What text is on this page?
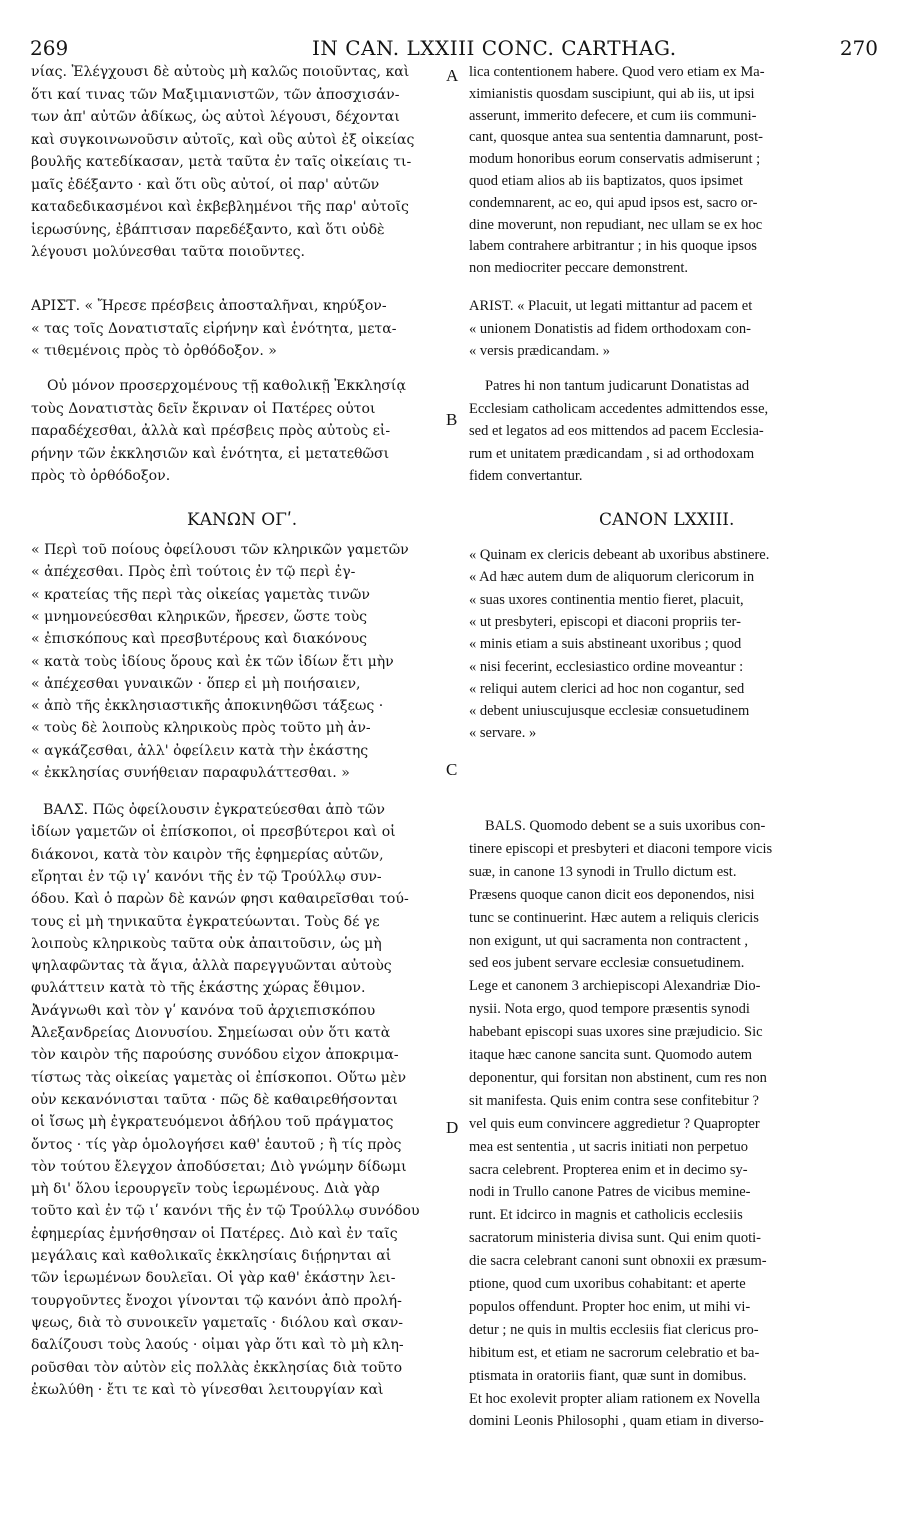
269	IN CAN. LXXIII CONC. CARTHAG.	270
A
B
C
D
νίας. Ἐλέγχουσι δὲ αὐτοὺς μὴ καλῶς ποιοῦντας, καὶ
ὅτι καί τινας τῶν Μαξιμιανιστῶν, τῶν ἀποσχισάν-
των ἀπ' αὐτῶν ἀδίκως, ὡς αὐτοὶ λέγουσι, δέχονται
καὶ συγκοινωνοῦσιν αὐτοῖς, καὶ οὓς αὐτοὶ ἐξ οἰκείας
βουλῆς κατεδίκασαν, μετὰ ταῦτα ἐν ταῖς οἰκείαις τι-
μαῖς ἐδέξαντο · καὶ ὅτι οὓς αὐτοί, οἱ παρ' αὐτῶν
καταδεδικασμένοι καὶ ἐκβεβλημένοι τῆς παρ' αὐτοῖς
ἱερωσύνης, ἐβάπτισαν παρεδέξαντο, καὶ ὅτι οὐδὲ
λέγουσι μολύνεσθαι ταῦτα ποιοῦντες.
ΑΡΙΣΤ. « Ἤρεσε πρέσβεις ἀποσταλῆναι, κηρύξον-
« τας τοῖς Δονατισταῖς εἰρήνην καὶ ἑνότητα, μετα-
« τιθεμένοις πρὸς τὸ ὀρθόδοξον. »
Οὐ μόνον προσερχομένους τῇ καθολικῇ Ἐκκλησίᾳ
τοὺς Δονατιστὰς δεῖν ἔκριναν οἱ Πατέρες οὗτοι
παραδέχεσθαι, ἀλλὰ καὶ πρέσβεις πρὸς αὐτοὺς εἰ-
ρήνην τῶν ἐκκλησιῶν καὶ ἑνότητα, εἰ μετατεθῶσι
πρὸς τὸ ὀρθόδοξον.
ΚΑΝΩΝ ΟΓʹ.
« Περὶ τοῦ ποίους ὀφείλουσι τῶν κληρικῶν γαμετῶν
« ἀπέχεσθαι. Πρὸς ἐπὶ τούτοις ἐν τῷ περὶ ἐγ-
« κρατείας τῆς περὶ τὰς οἰκείας γαμετὰς τινῶν
« μνημονεύεσθαι κληρικῶν, ἤρεσεν, ὥστε τοὺς
« ἐπισκόπους καὶ πρεσβυτέρους καὶ διακόνους
« κατὰ τοὺς ἰδίους ὅρους καὶ ἐκ τῶν ἰδίων ἔτι μὴν
« ἀπέχεσθαι γυναικῶν · ὅπερ εἰ μὴ ποιήσαιεν,
« ἀπὸ τῆς ἐκκλησιαστικῆς ἀποκινηθῶσι τάξεως ·
« τοὺς δὲ λοιποὺς κληρικοὺς πρὸς τοῦτο μὴ ἀν-
« αγκάζεσθαι, ἀλλ' ὀφείλειν κατὰ τὴν ἑκάστης
« ἐκκλησίας συνήθειαν παραφυλάττεσθαι. »
ΒΑΛΣ. Πῶς ὀφείλουσιν ἐγκρατεύεσθαι ἀπὸ τῶν
ἰδίων γαμετῶν οἱ ἐπίσκοποι, οἱ πρεσβύτεροι καὶ οἱ
διάκονοι, κατὰ τὸν καιρὸν τῆς ἐφημερίας αὐτῶν,
εἴρηται ἐν τῷ ιγʹ κανόνι τῆς ἐν τῷ Τρούλλῳ συν-
όδου. Καὶ ὁ παρὼν δὲ κανών φησι καθαιρεῖσθαι τού-
τους εἰ μὴ τηνικαῦτα ἐγκρατεύωνται. Τοὺς δέ γε
λοιποὺς κληρικοὺς ταῦτα οὐκ ἀπαιτοῦσιν, ὡς μὴ
ψηλαφῶντας τὰ ἅγια, ἀλλὰ παρεγγυῶνται αὐτοὺς
φυλάττειν κατὰ τὸ τῆς ἑκάστης χώρας ἔθιμον.
Ἀνάγνωθι καὶ τὸν γʹ κανόνα τοῦ ἀρχιεπισκόπου
Ἀλεξανδρείας Διονυσίου. Σημείωσαι οὖν ὅτι κατὰ
τὸν καιρὸν τῆς παρούσης συνόδου εἶχον ἀποκριμα-
τίστως τὰς οἰκείας γαμετὰς οἱ ἐπίσκοποι. Οὕτω μὲν
οὖν κεκανόνισται ταῦτα · πῶς δὲ καθαιρεθήσονται
οἱ ἴσως μὴ ἐγκρατευόμενοι ἀδήλου τοῦ πράγματος
ὄντος · τίς γὰρ ὁμολογήσει καθ' ἑαυτοῦ ; ἢ τίς πρὸς
τὸν τούτου ἔλεγχον ἀποδύσεται; Διὸ γνώμην δίδωμι
μὴ δι' ὅλου ἱερουργεῖν τοὺς ἱερωμένους. Διὰ γὰρ
τοῦτο καὶ ἐν τῷ ιʹ κανόνι τῆς ἐν τῷ Τρούλλῳ συνόδου
ἐφημερίας ἐμνήσθησαν οἱ Πατέρες. Διὸ καὶ ἐν ταῖς
μεγάλαις καὶ καθολικαῖς ἐκκλησίαις διῄρηνται αἱ
τῶν ἱερωμένων δουλεῖαι. Οἱ γὰρ καθ' ἑκάστην λει-
τουργοῦντες ἔνοχοι γίνονται τῷ κανόνι ἀπὸ προλή-
ψεως, διὰ τὸ συνοικεῖν γαμεταῖς · διόλου καὶ σκαν-
δαλίζουσι τοὺς λαούς · οἶμαι γὰρ ὅτι καὶ τὸ μὴ κλη-
ροῦσθαι τὸν αὐτὸν εἰς πολλὰς ἐκκλησίας διὰ τοῦτο
ἐκωλύθη · ἔτι τε καὶ τὸ γίνεσθαι λειτουργίαν καὶ
lica contentionem habere. Quod vero etiam ex Ma-
ximianistis quosdam suscipiunt, qui ab iis, ut ipsi
asserunt, immerito defecere, et cum iis communi-
cant, quosque antea sua sententia damnarunt, post-
modum honoribus eorum conservatis admiserunt ;
quod etiam alios ab iis baptizatos, quos ipsimet
condemnarent, ac eo, qui apud ipsos est, sacro or-
dine moverunt, non repudiant, nec ullam se ex hoc
labem contrahere arbitrantur ; in his quoque ipsos
non mediocriter peccare demonstrent.
ARIST. « Placuit, ut legati mittantur ad pacem et
« unionem Donatistis ad fidem orthodoxam con-
« versis prædicandam. »
Patres hi non tantum judicarunt Donatistas ad
Ecclesiam catholicam accedentes admittendos esse,
sed et legatos ad eos mittendos ad pacem Ecclesia-
rum et unitatem prædicandam , si ad orthodoxam
fidem convertantur.
CANON LXXIII.
« Quinam ex clericis debeant ab uxoribus abstinere.
« Ad hæc autem dum de aliquorum clericorum in
« suas uxores continentia mentio fieret, placuit,
« ut presbyteri, episcopi et diaconi propriis ter-
« minis etiam a suis abstineant uxoribus ; quod
« nisi fecerint, ecclesiastico ordine moveantur :
« reliqui autem clerici ad hoc non cogantur, sed
« debent uniuscujusque ecclesiæ consuetudinem
« servare. »
BALS. Quomodo debent se a suis uxoribus con-
tinere episcopi et presbyteri et diaconi tempore vicis
suæ, in canone 13 synodi in Trullo dictum est.
Præsens quoque canon dicit eos deponendos, nisi
tunc se continuerint. Hæc autem a reliquis clericis
non exigunt, ut qui sacramenta non contractent ,
sed eos jubent servare ecclesiæ consuetudinem.
Lege et canonem 3 archiepiscopi Alexandriæ Dio-
nysii. Nota ergo, quod tempore præsentis synodi
habebant episcopi suas uxores sine præjudicio. Sic
itaque hæc canone sancita sunt. Quomodo autem
deponentur, qui forsitan non abstinent, cum res non
sit manifesta. Quis enim contra sese confitebitur ?
vel quis eum convincere aggredietur ? Quapropter
mea est sententia , ut sacris initiati non perpetuo
sacra celebrent. Propterea enim et in decimo sy-
nodi in Trullo canone Patres de vicibus memine-
runt. Et idcirco in magnis et catholicis ecclesiis
sacratorum ministeria divisa sunt. Qui enim quoti-
die sacra celebrant canoni sunt obnoxii ex præsum-
ptione, quod cum uxoribus cohabitant: et aperte
populos offendunt. Propter hoc enim, ut mihi vi-
detur ; ne quis in multis ecclesiis fiat clericus pro-
hibitum est, et etiam ne sacrorum celebratio et ba-
ptismata in oratoriis fiant, quæ sunt in domibus.
Et hoc exolevit propter aliam rationem ex Novella
domini Leonis Philosophi , quam etiam in diverso-
